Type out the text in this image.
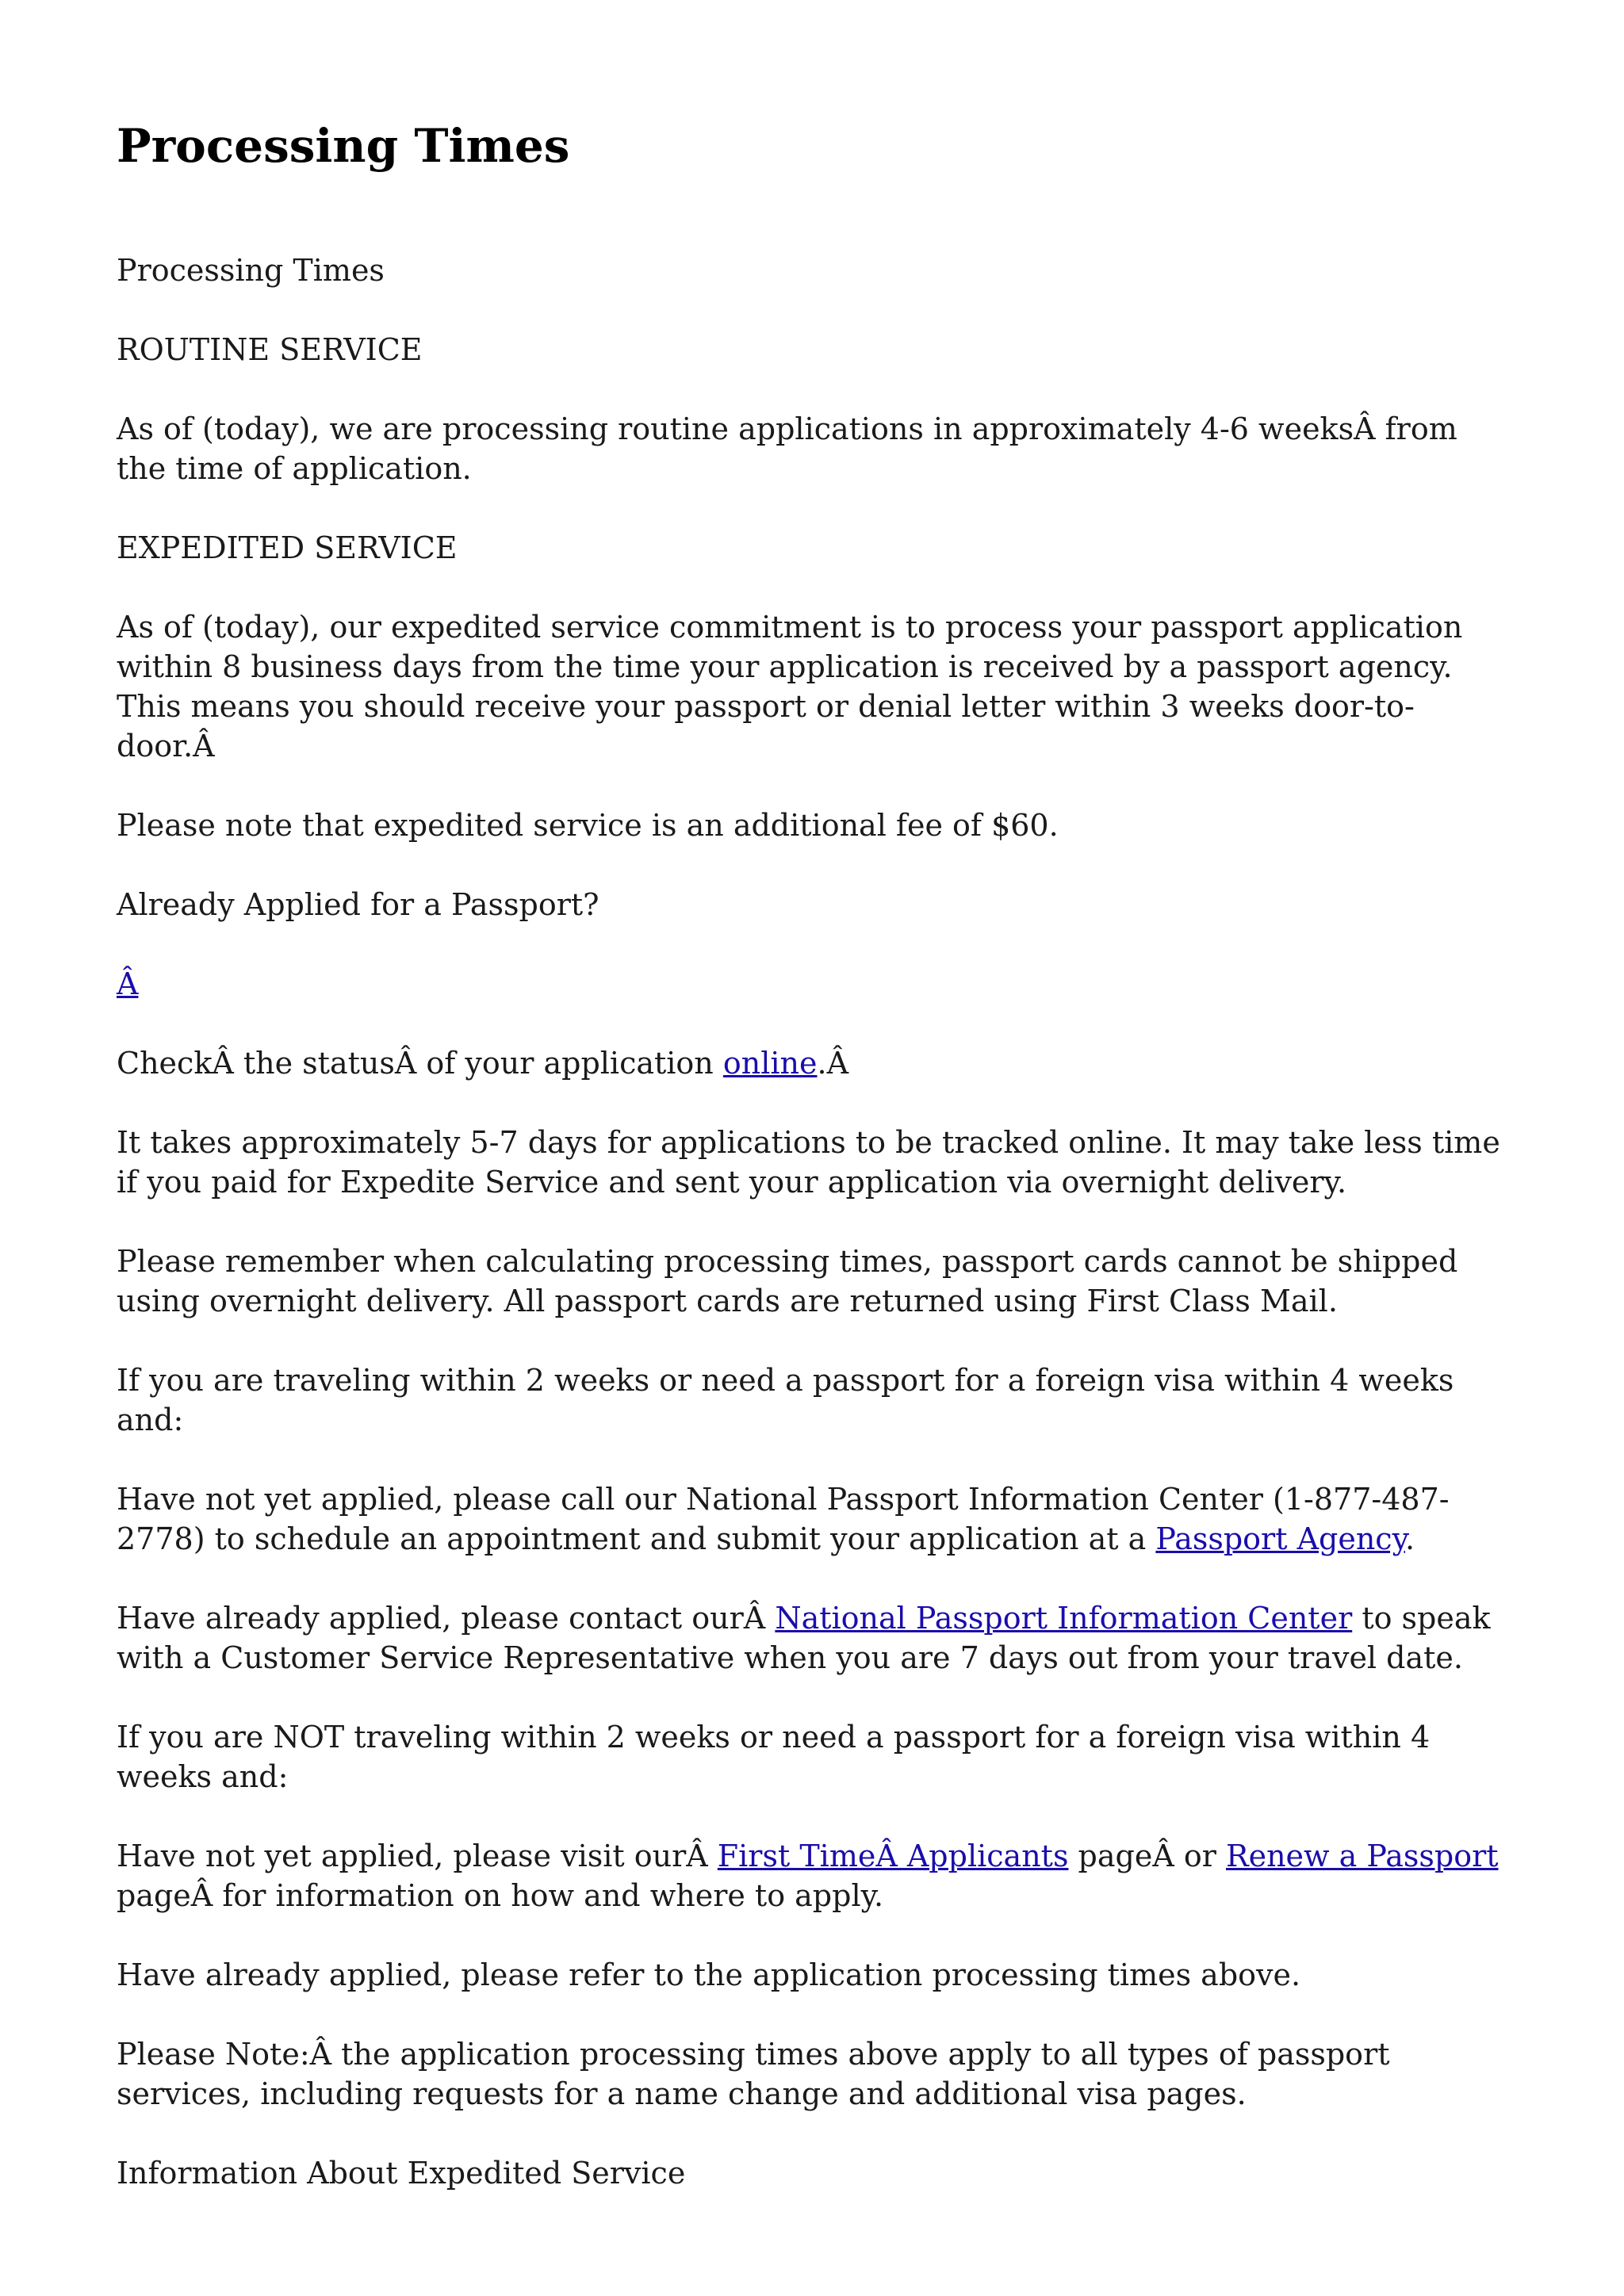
Processing Times

Processing Times

ROUTINE SERVICE

As of (today), we are processing routine applications in approximately 4-6 weeksÂ from the time of application.

EXPEDITED SERVICE

As of (today), our expedited service commitment is to process your passport application within 8 business days from the time your application is received by a passport agency. This means you should receive your passport or denial letter within 3 weeks door-to-door.Â

Please note that expedited service is an additional fee of $60.

Already Applied for a Passport?

Â

CheckÂ the statusÂ of your application online.Â

It takes approximately 5-7 days for applications to be tracked online. It may take less time if you paid for Expedite Service and sent your application via overnight delivery.

Please remember when calculating processing times, passport cards cannot be shipped using overnight delivery. All passport cards are returned using First Class Mail.

If you are traveling within 2 weeks or need a passport for a foreign visa within 4 weeks and:

Have not yet applied, please call our National Passport Information Center (1-877-487-2778) to schedule an appointment and submit your application at a Passport Agency.

Have already applied, please contact ourÂ National Passport Information Center to speak with a Customer Service Representative when you are 7 days out from your travel date.

If you are NOT traveling within 2 weeks or need a passport for a foreign visa within 4 weeks and:

Have not yet applied, please visit ourÂ First TimeÂ Applicants pageÂ or Renew a Passport pageÂ for information on how and where to apply.

Have already applied, please refer to the application processing times above.

Please Note:Â the application processing times above apply to all types of passport services, including requests for a name change and additional visa pages.

Information About Expedited Service
